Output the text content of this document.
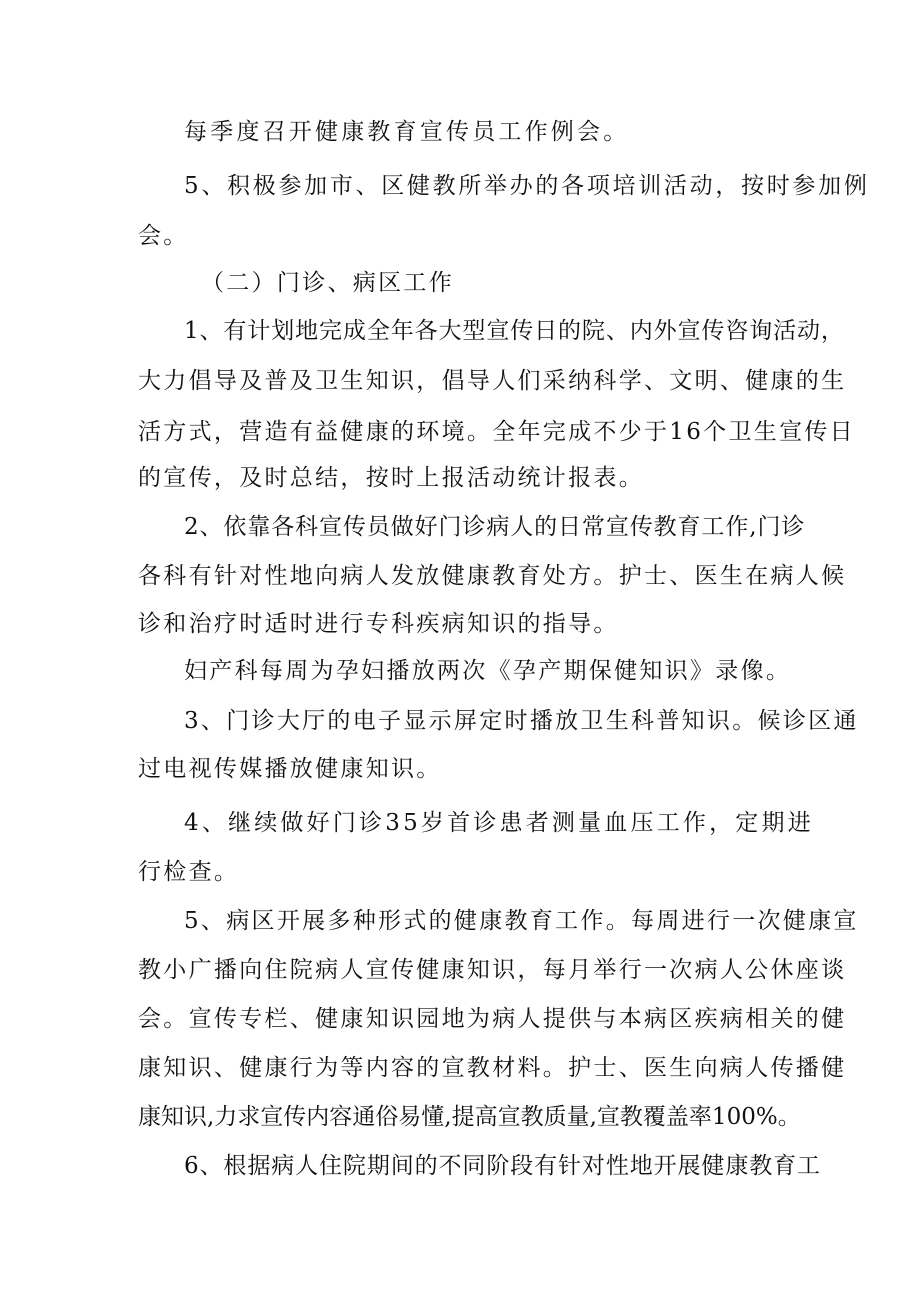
每季度召开健康教育宣传员工作例会。
5、积极参加市、区健教所举办的各项培训活动，按时参加例
会。
（二）门诊、病区工作
1、有计划地完成全年各大型宣传日的院、内外宣传咨询活动，
大力倡导及普及卫生知识，倡导人们采纳科学、文明、健康的生
活方式，营造有益健康的环境。全年完成不少于16个卫生宣传日
的宣传，及时总结，按时上报活动统计报表。
2、依靠各科宣传员做好门诊病人的日常宣传教育工作,门诊
各科有针对性地向病人发放健康教育处方。护士、医生在病人候
诊和治疗时适时进行专科疾病知识的指导。
妇产科每周为孕妇播放两次《孕产期保健知识》录像。
3、门诊大厅的电子显示屏定时播放卫生科普知识。候诊区通
过电视传媒播放健康知识。
4、继续做好门诊35岁首诊患者测量血压工作，定期进
行检查。
5、病区开展多种形式的健康教育工作。每周进行一次健康宣
教小广播向住院病人宣传健康知识，每月举行一次病人公休座谈
会。宣传专栏、健康知识园地为病人提供与本病区疾病相关的健
康知识、健康行为等内容的宣教材料。护士、医生向病人传播健
康知识,力求宣传内容通俗易懂,提高宣教质量,宣教覆盖率100%。
6、根据病人住院期间的不同阶段有针对性地开展健康教育工
